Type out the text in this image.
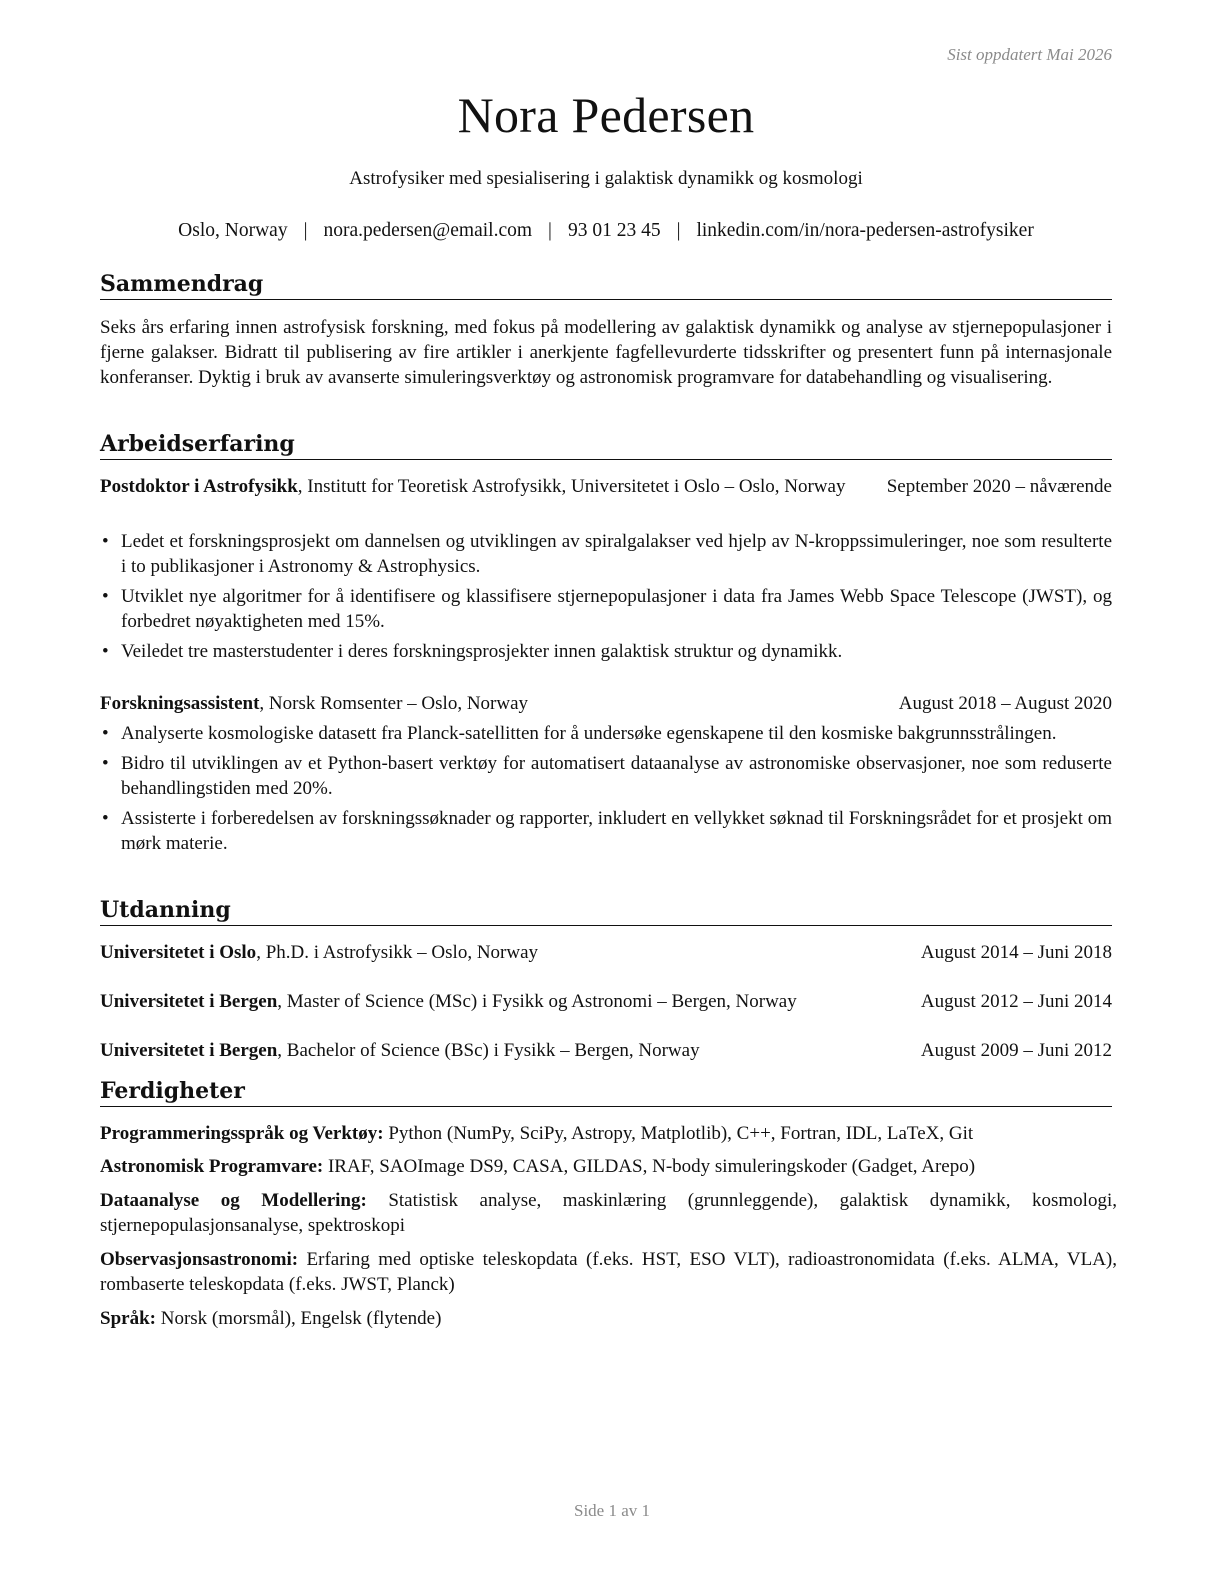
Sist oppdatert Mai 2026
Nora Pedersen
Astrofysiker med spesialisering i galaktisk dynamikk og kosmologi
Oslo, Norway | nora.pedersen@email.com | 93 01 23 45 | linkedin.com/in/nora-pedersen-astrofysiker
Sammendrag
Seks års erfaring innen astrofysisk forskning, med fokus på modellering av galaktisk dynamikk og analyse av stjernepopulasjoner i fjerne galakser. Bidratt til publisering av fire artikler i anerkjente fagfellevurderte tidsskrifter og presentert funn på internasjonale konferanser. Dyktig i bruk av avanserte simuleringsverktøy og astronomisk programvare for databehandling og visualisering.
Arbeidserfaring
Postdoktor i Astrofysikk, Institutt for Teoretisk Astrofysikk, Universitetet i Oslo – Oslo, Norway	September 2020 – nåværende
• Ledet et forskningsprosjekt om dannelsen og utviklingen av spiralgalakser ved hjelp av N-kroppssimuleringer, noe som resulterte i to publikasjoner i Astronomy & Astrophysics.
• Utviklet nye algoritmer for å identifisere og klassifisere stjernepopulasjoner i data fra James Webb Space Telescope (JWST), og forbedret nøyaktigheten med 15%.
• Veiledet tre masterstudenter i deres forskningsprosjekter innen galaktisk struktur og dynamikk.
Forskningsassistent, Norsk Romsenter – Oslo, Norway	August 2018 – August 2020
• Analyserte kosmologiske datasett fra Planck-satellitten for å undersøke egenskapene til den kosmiske bakgrunnsstrålingen.
• Bidro til utviklingen av et Python-basert verktøy for automatisert dataanalyse av astronomiske observasjoner, noe som reduserte behandlingstiden med 20%.
• Assisterte i forberedelsen av forskningssøknader og rapporter, inkludert en vellykket søknad til Forskningsrådet for et prosjekt om mørk materie.
Utdanning
Universitetet i Oslo, Ph.D. i Astrofysikk – Oslo, Norway	August 2014 – Juni 2018
Universitetet i Bergen, Master of Science (MSc) i Fysikk og Astronomi – Bergen, Norway	August 2012 – Juni 2014
Universitetet i Bergen, Bachelor of Science (BSc) i Fysikk – Bergen, Norway	August 2009 – Juni 2012
Ferdigheter
Programmeringsspråk og Verktøy: Python (NumPy, SciPy, Astropy, Matplotlib), C++, Fortran, IDL, LaTeX, Git
Astronomisk Programvare: IRAF, SAOImage DS9, CASA, GILDAS, N-body simuleringskoder (Gadget, Arepo)
Dataanalyse og Modellering: Statistisk analyse, maskinlæring (grunnleggende), galaktisk dynamikk, kosmologi, stjernepopulasjonsanalyse, spektroskopi
Observasjonsastronomi: Erfaring med optiske teleskopdata (f.eks. HST, ESO VLT), radioastronomidata (f.eks. ALMA, VLA), rombaserte teleskopdata (f.eks. JWST, Planck)
Språk: Norsk (morsmål), Engelsk (flytende)
Side 1 av 1
